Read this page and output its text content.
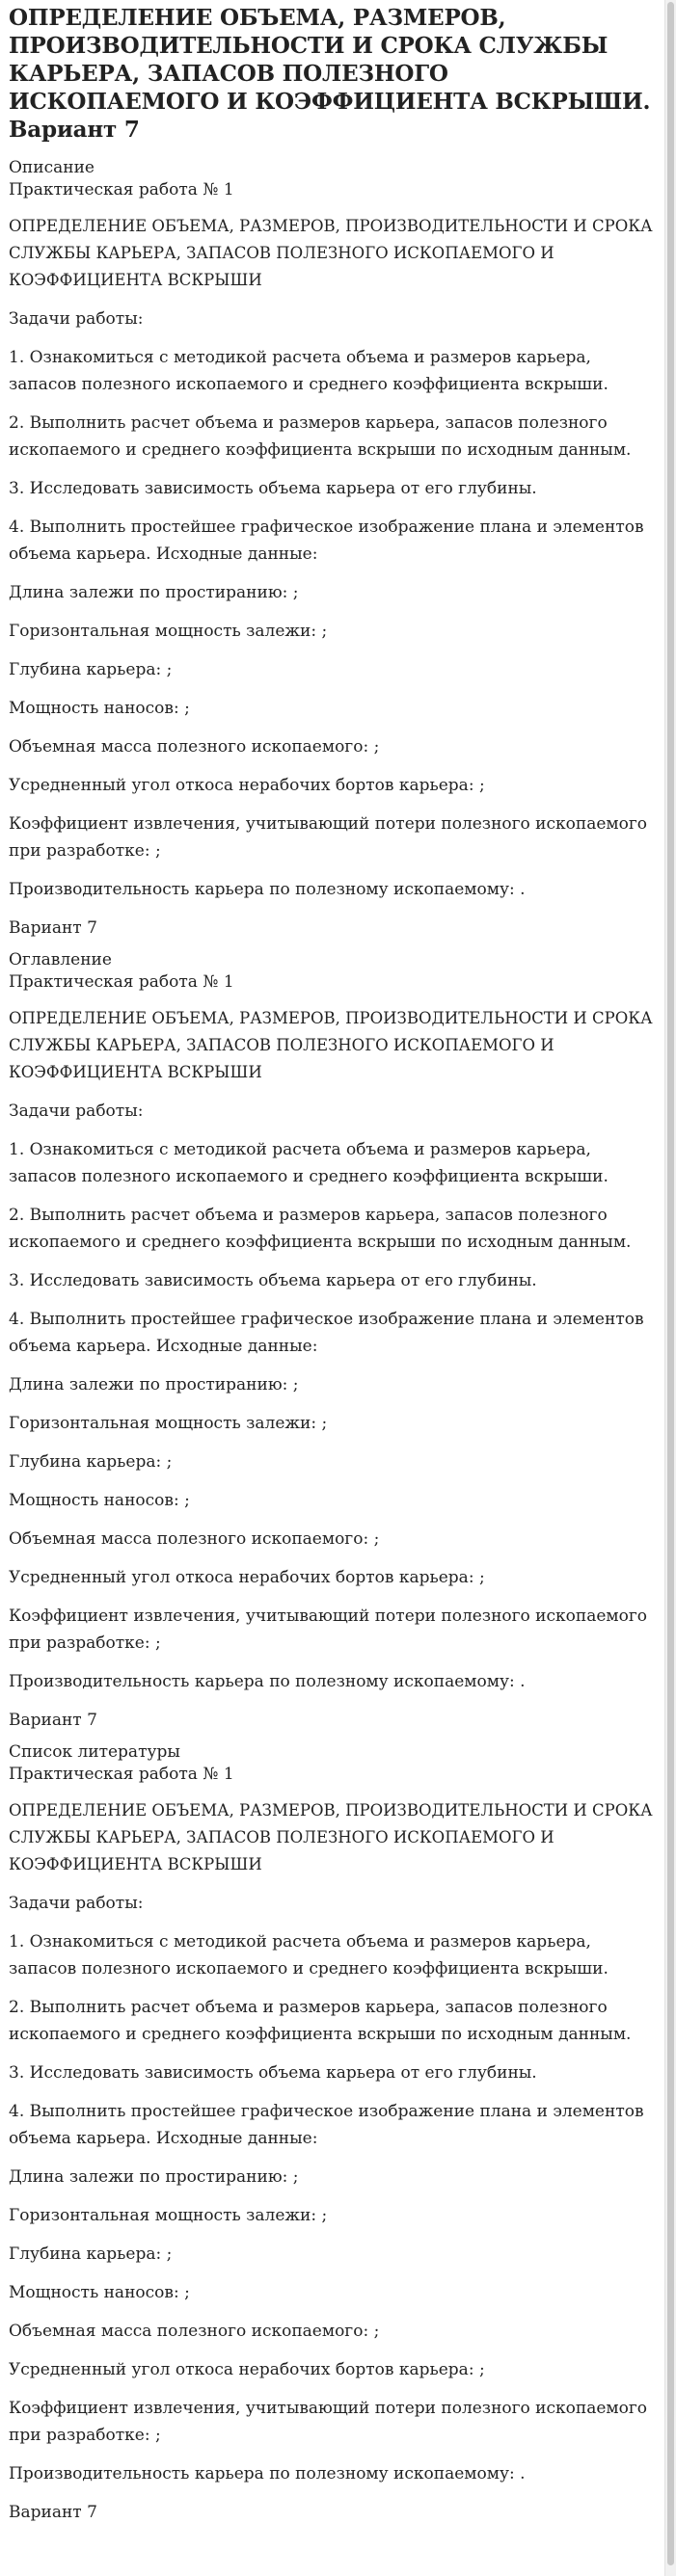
ОПРЕДЕЛЕНИЕ ОБЪЕМА, РАЗМЕРОВ, ПРОИЗВОДИТЕЛЬНОСТИ И СРОКА СЛУЖБЫ КАРЬЕРА, ЗАПАСОВ ПОЛЕЗНОГО ИСКОПАЕМОГО И КОЭФФИЦИЕНТА ВСКРЫШИ. Вариант 7
Описание

Практическая работа № 1

ОПРЕДЕЛЕНИЕ ОБЪЕМА, РАЗМЕРОВ, ПРОИЗВОДИТЕЛЬНОСТИ И СРОКА СЛУЖБЫ КАРЬЕРА, ЗАПАСОВ ПОЛЕЗНОГО ИСКОПАЕМОГО И КОЭФФИЦИЕНТА ВСКРЫШИ

Задачи работы:

1. Ознакомиться с методикой расчета объема и размеров карьера, запасов полезного ископаемого и среднего коэффициента вскрыши.

2. Выполнить расчет объема и размеров карьера, запасов полезного ископаемого и среднего коэффициента вскрыши по исходным данным.

3. Исследовать зависимость объема карьера от его глубины.

4. Выполнить простейшее графическое изображение плана и элементов объема карьера. Исходные данные:

Длина залежи по простиранию: ;

Горизонтальная мощность залежи: ;

Глубина карьера: ;

Мощность наносов: ;

Объемная масса полезного ископаемого: ;

Усредненный угол откоса нерабочих бортов карьера: ;

Коэффициент извлечения, учитывающий потери полезного ископаемого при разработке: ;

Производительность карьера по полезному ископаемому: .

Вариант 7

Оглавление

Практическая работа № 1

ОПРЕДЕЛЕНИЕ ОБЪЕМА, РАЗМЕРОВ, ПРОИЗВОДИТЕЛЬНОСТИ И СРОКА СЛУЖБЫ КАРЬЕРА, ЗАПАСОВ ПОЛЕЗНОГО ИСКОПАЕМОГО И КОЭФФИЦИЕНТА ВСКРЫШИ

Задачи работы:

1. Ознакомиться с методикой расчета объема и размеров карьера, запасов полезного ископаемого и среднего коэффициента вскрыши.

2. Выполнить расчет объема и размеров карьера, запасов полезного ископаемого и среднего коэффициента вскрыши по исходным данным.

3. Исследовать зависимость объема карьера от его глубины.

4. Выполнить простейшее графическое изображение плана и элементов объема карьера. Исходные данные:

Длина залежи по простиранию: ;

Горизонтальная мощность залежи: ;

Глубина карьера: ;

Мощность наносов: ;

Объемная масса полезного ископаемого: ;

Усредненный угол откоса нерабочих бортов карьера: ;

Коэффициент извлечения, учитывающий потери полезного ископаемого при разработке: ;

Производительность карьера по полезному ископаемому: .

Вариант 7

Список литературы

Практическая работа № 1

ОПРЕДЕЛЕНИЕ ОБЪЕМА, РАЗМЕРОВ, ПРОИЗВОДИТЕЛЬНОСТИ И СРОКА СЛУЖБЫ КАРЬЕРА, ЗАПАСОВ ПОЛЕЗНОГО ИСКОПАЕМОГО И КОЭФФИЦИЕНТА ВСКРЫШИ

Задачи работы:

1. Ознакомиться с методикой расчета объема и размеров карьера, запасов полезного ископаемого и среднего коэффициента вскрыши.

2. Выполнить расчет объема и размеров карьера, запасов полезного ископаемого и среднего коэффициента вскрыши по исходным данным.

3. Исследовать зависимость объема карьера от его глубины.

4. Выполнить простейшее графическое изображение плана и элементов объема карьера. Исходные данные:

Длина залежи по простиранию: ;

Горизонтальная мощность залежи: ;

Глубина карьера: ;

Мощность наносов: ;

Объемная масса полезного ископаемого: ;

Усредненный угол откоса нерабочих бортов карьера: ;

Коэффициент извлечения, учитывающий потери полезного ископаемого при разработке: ;

Производительность карьера по полезному ископаемому: .

Вариант 7
